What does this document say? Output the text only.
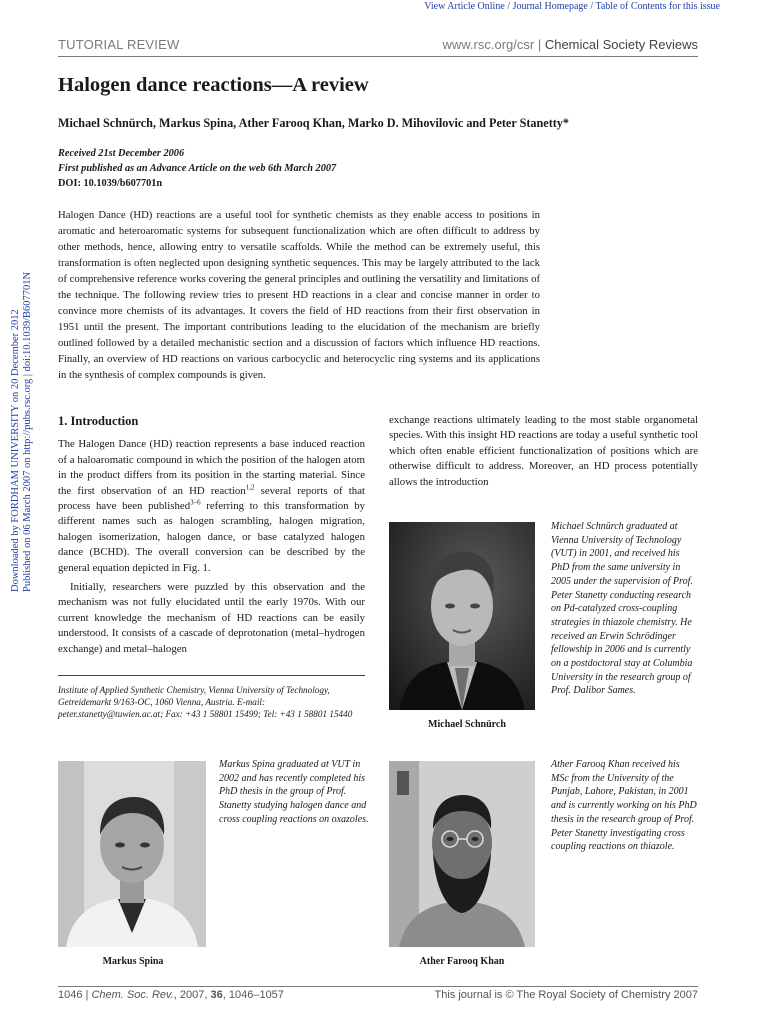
View Article Online / Journal Homepage / Table of Contents for this issue
TUTORIAL REVIEW	www.rsc.org/csr | Chemical Society Reviews
Halogen dance reactions—A review

Michael Schnürch, Markus Spina, Ather Farooq Khan, Marko D. Mihovilovic and Peter Stanetty*

Received 21st December 2006
First published as an Advance Article on the web 6th March 2007
DOI: 10.1039/b607701n

Halogen Dance (HD) reactions are a useful tool for synthetic chemists as they enable access to positions in aromatic and heteroaromatic systems for subsequent functionalization which are often difficult to address by other methods, hence, allowing entry to versatile scaffolds. While the method can be extremely useful, this transformation is often neglected upon designing synthetic sequences. This may be largely attributed to the lack of comprehensive reference works covering the general principles and outlining the versatility and limitations of the technique. The following review tries to present HD reactions in a clear and concise manner in order to convince more chemists of its advantages. It covers the field of HD reactions from their first observation in 1951 until the present. The important contributions leading to the elucidation of the mechanism are briefly outlined followed by a detailed mechanistic section and a discussion of factors which influence HD reactions. Finally, an overview of HD reactions on various carbocyclic and heterocyclic ring systems and its applications in the synthesis of complex compounds is given.

Downloaded by FORDHAM UNIVERSITY on 20 December 2012 Published on 06 March 2007 on http://pubs.rsc.org | doi:10.1039/B607701N 1. Introduction

The Halogen Dance (HD) reaction represents a base induced reaction of a haloaromatic compound in which the position of the halogen atom in the product differs from its position in the starting material. Since the first observation of an HD reaction$^{1,2}$ several reports of that process have been published$^{3-6}$ referring to this transformation by different names such as halogen scrambling, halogen migration, halogen isomerization, halogen dance, or base catalyzed halogen dance (BCHD). The overall conversion can be described by the general equation depicted in Fig. 1.

Initially, researchers were puzzled by this observation and the mechanism was not fully elucidated until the early 1970s. With our current knowledge the mechanism of HD reactions can be easily understood. It consists of a cascade of deprotonation (metal–hydrogen exchange) and metal–halogen

exchange reactions ultimately leading to the most stable organometal species. With this insight HD reactions are today a useful synthetic tool which often enable efficient functionalization of positions which are otherwise difficult to address. Moreover, an HD process potentially allows the introduction

Institute of Applied Synthetic Chemistry, Vienna University of Technology, Getreidemarkt 9/163-OC, 1060 Vienna, Austria. E-mail: peter.stanetty@tuwien.ac.at; Fax: +43 1 58801 15499; Tel: +43 1 58801 15440
Michael Schnürch

Michael Schnürch graduated at Vienna University of Technology (VUT) in 2001, and received his PhD from the same university in 2005 under the supervision of Prof. Peter Stanetty conducting research on Pd-catalyzed cross-coupling strategies in thiazole chemistry. He received an Erwin Schrödinger fellowship in 2006 and is currently on a postdoctoral stay at Columbia University in the research group of Prof. Dalibor Sames.

Markus Spina

Markus Spina graduated at VUT in 2002 and has recently completed his PhD thesis in the group of Prof. Stanetty studying halogen dance and cross coupling reactions on oxazoles.

Ather Farooq Khan

Ather Farooq Khan received his MSc from the University of the Punjab, Lahore, Pakistan, in 2001 and is currently working on his PhD thesis in the research group of Prof. Peter Stanetty investigating cross coupling reactions on thiazole.

1046 | Chem. Soc. Rev., 2007, 36, 1046–1057	This journal is © The Royal Society of Chemistry 2007
